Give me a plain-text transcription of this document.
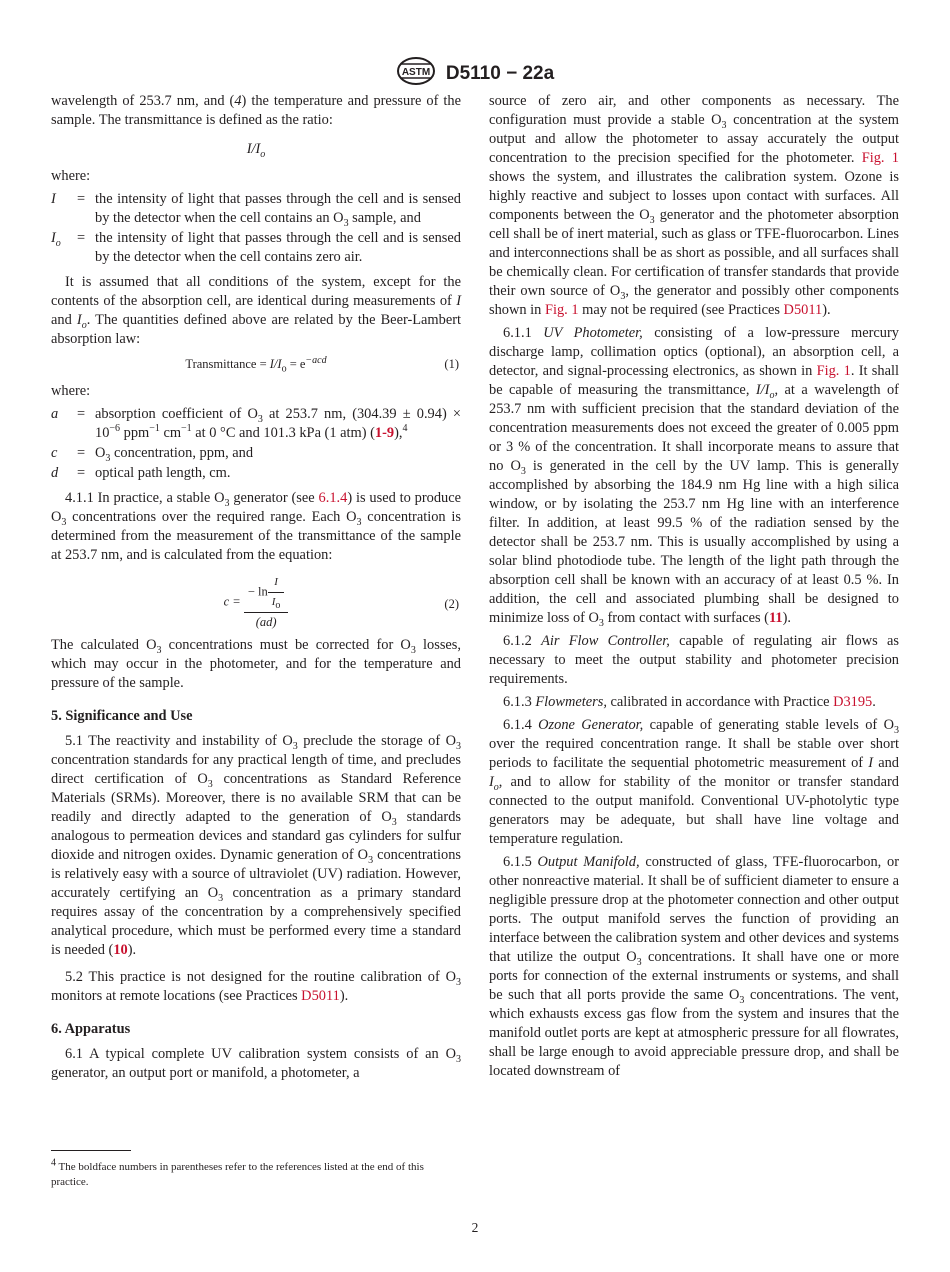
ASTM D5110 − 22a

wavelength of 253.7 nm, and (4) the temperature and pressure of the sample. The transmittance is defined as the ratio:

$I/I_o$

where:

I	= the intensity of light that passes through the cell and is sensed by the detector when the cell contains an $O_3$ sample, and
$I_o$	= the intensity of light that passes through the cell and is sensed by the detector when the cell contains zero air.

It is assumed that all conditions of the system, except for the contents of the absorption cell, are identical during measurements of I and $I_o$. The quantities defined above are related by the Beer-Lambert absorption law:

Transmittance = $I/I_o = e^{-acd}$	(1)

where:

a	= absorption coefficient of $O_3$ at 253.7 nm, $(304.39 \pm 0.94) \times 10^{-6}$ ppm$^{-1}$ $cm^{-1}$ at 0 °C and 101.3 kPa (1 atm) (1-9),$^4$
c	= $O_3$ concentration, ppm, and
d	= optical path length, cm.

4.1.1 In practice, a stable $O_3$ generator (see 6.1.4) is used to produce $O_3$ concentrations over the required range. Each $O_3$ concentration is determined from the measurement of the transmittance of the sample at 253.7 nm, and is calculated from the equation:

$c = \frac{- \ln \frac{I}{I_o}}{(ad)}$	(2)

The calculated $O_3$ concentrations must be corrected for $O_3$ losses, which may occur in the photometer, and for the temperature and pressure of the sample.

5. Significance and Use

5.1 The reactivity and instability of $O_3$ preclude the storage of $O_3$ concentration standards for any practical length of time, and precludes direct certification of $O_3$ concentrations as Standard Reference Materials (SRMs). Moreover, there is no available SRM that can be readily and directly adapted to the generation of $O_3$ standards analogous to permeation devices and standard gas cylinders for sulfur dioxide and nitrogen oxides. Dynamic generation of $O_3$ concentrations is relatively easy with a source of ultraviolet (UV) radiation. However, accurately certifying an $O_3$ concentration as a primary standard requires assay of the concentration by a comprehensively specified analytical procedure, which must be performed every time a standard is needed (10).

5.2 This practice is not designed for the routine calibration of $O_3$ monitors at remote locations (see Practices D5011).

6. Apparatus

6.1 A typical complete UV calibration system consists of an $O_3$ generator, an output port or manifold, a photometer, a

source of zero air, and other components as necessary. The configuration must provide a stable $O_3$ concentration at the system output and allow the photometer to assay accurately the output concentration to the precision specified for the photometer. Fig. 1 shows the system, and illustrates the calibration system. Ozone is highly reactive and subject to losses upon contact with surfaces. All components between the $O_3$ generator and the photometer absorption cell shall be of inert material, such as glass or TFE-fluorocarbon. Lines and interconnections shall be as short as possible, and all surfaces shall be chemically clean. For certification of transfer standards that provide their own source of $O_3$, the generator and possibly other components shown in Fig. 1 may not be required (see Practices D5011).

6.1.1 UV Photometer, consisting of a low-pressure mercury discharge lamp, collimation optics (optional), an absorption cell, a detector, and signal-processing electronics, as shown in Fig. 1. It shall be capable of measuring the transmittance, $I/I_o$, at a wavelength of 253.7 nm with sufficient precision that the standard deviation of the concentration measurements does not exceed the greater of 0.005 ppm or 3 % of the concentration. It shall incorporate means to assure that no $O_3$ is generated in the cell by the UV lamp. This is generally accomplished by absorbing the 184.9 nm Hg line with a high silica window, or by isolating the 253.7 nm Hg line with an interference filter. In addition, at least 99.5 % of the radiation sensed by the detector shall be 253.7 nm. This is usually accomplished by using a solar blind photodiode tube. The length of the light path through the absorption cell shall be known with an accuracy of at least 0.5 %. In addition, the cell and associated plumbing shall be designed to minimize loss of $O_3$ from contact with surfaces (11).

6.1.2 Air Flow Controller, capable of regulating air flows as necessary to meet the output stability and photometer precision requirements.

6.1.3 Flowmeters, calibrated in accordance with Practice D3195.

6.1.4 Ozone Generator, capable of generating stable levels of $O_3$ over the required concentration range. It shall be stable over short periods to facilitate the sequential photometric measurement of I and $I_o$, and to allow for stability of the monitor or transfer standard connected to the output manifold. Conventional UV-photolytic type generators may be adequate, but shall have line voltage and temperature regulation.

6.1.5 Output Manifold, constructed of glass, TFE-fluorocarbon, or other nonreactive material. It shall be of sufficient diameter to ensure a negligible pressure drop at the photometer connection and other output ports. The output manifold serves the function of providing an interface between the calibration system and other devices and systems that utilize the output $O_3$ concentrations. It shall have one or more ports for connection of the external instruments or systems, and shall be such that all ports provide the same $O_3$ concentrations. The vent, which exhausts excess gas flow from the system and insures that the manifold outlet ports are kept at atmospheric pressure for all flowrates, shall be large enough to avoid appreciable pressure drop, and shall be located downstream of

$^4$ The boldface numbers in parentheses refer to the references listed at the end of this practice.
2
